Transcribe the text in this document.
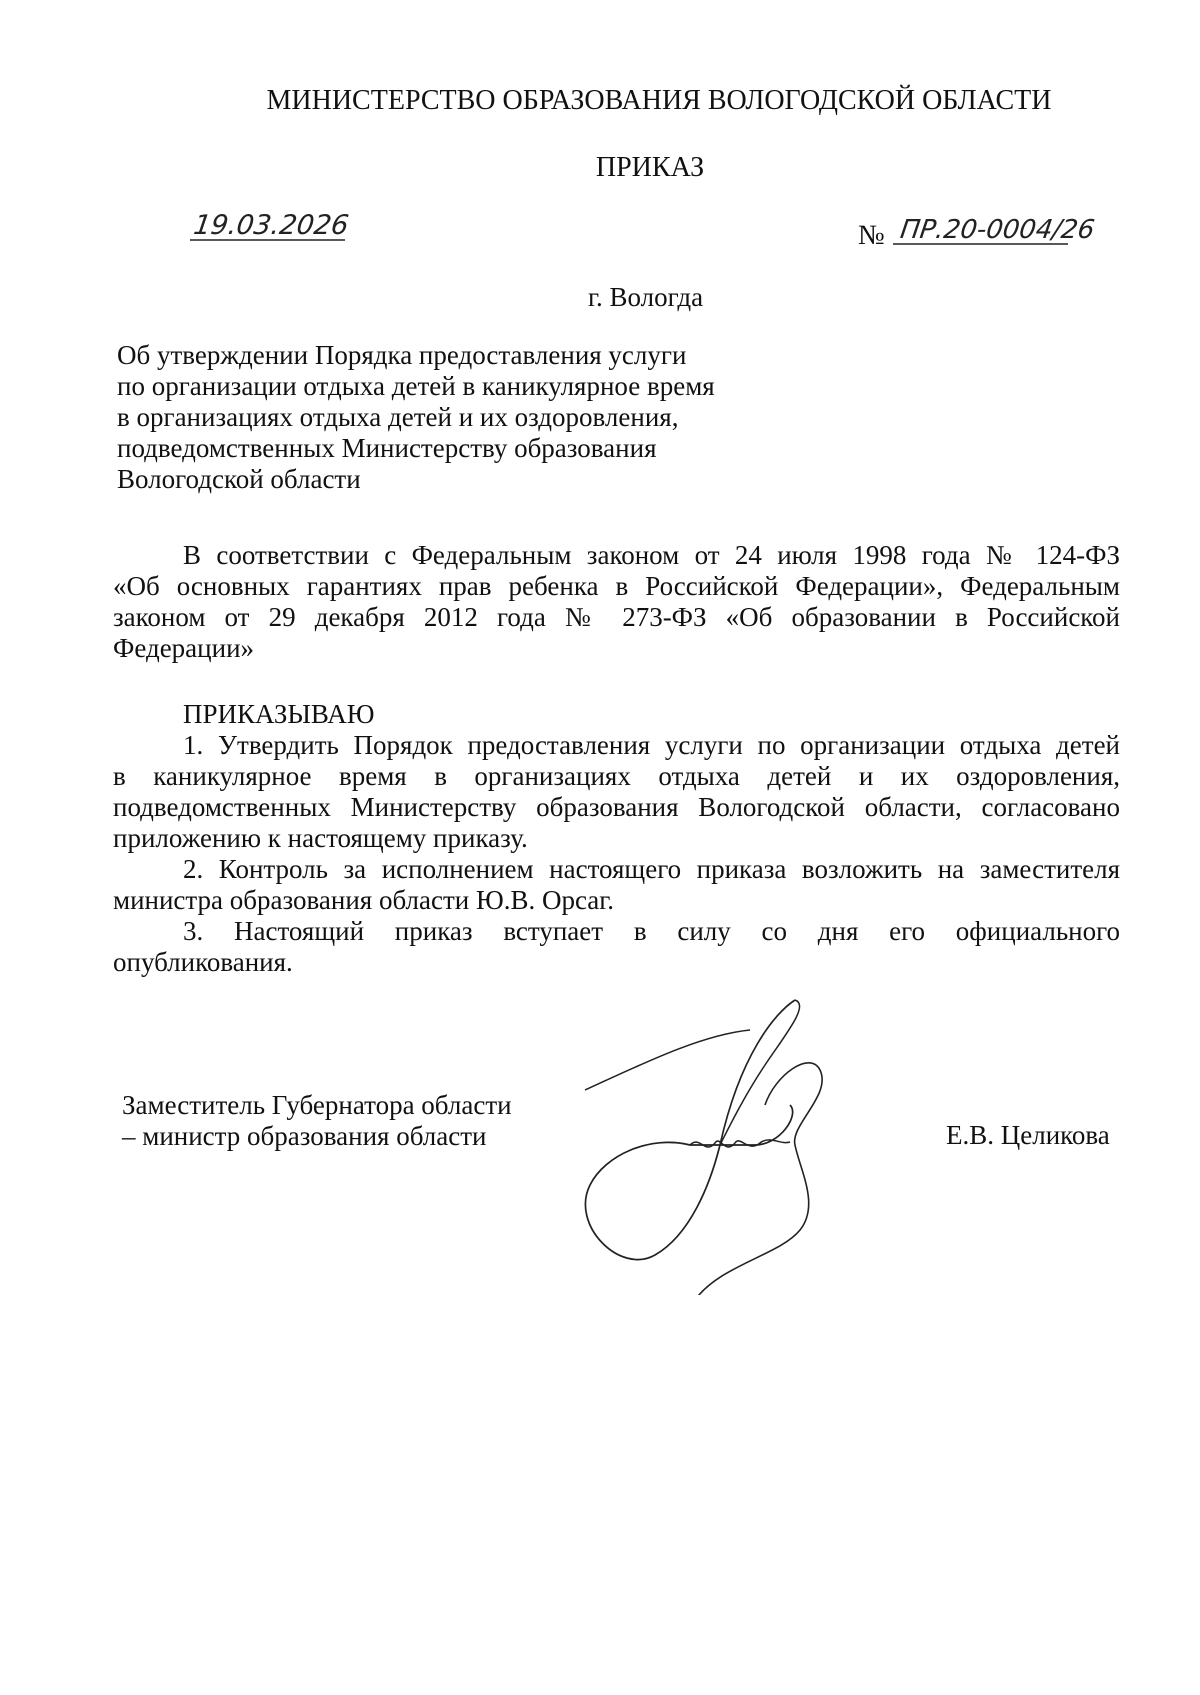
МИНИСТЕРСТВО ОБРАЗОВАНИЯ ВОЛОГОДСКОЙ ОБЛАСТИ
ПРИКАЗ
19.03.2026	№ ПР.20-0004/26
г. Вологда
Об утверждении Порядка предоставления услуги
по организации отдыха детей в каникулярное время
в организациях отдыха детей и их оздоровления,
подведомственных Министерству образования
Вологодской области
В соответствии с Федеральным законом от 24 июля 1998 года № 124-ФЗ
«Об основных гарантиях прав ребенка в Российской Федерации», Федеральным
законом от 29 декабря 2012 года № 273-ФЗ «Об образовании в Российской
Федерации»
ПРИКАЗЫВАЮ
1. Утвердить Порядок предоставления услуги по организации отдыха детей
в каникулярное время в организациях отдыха детей и их оздоровления,
подведомственных Министерству образования Вологодской области, согласовано
приложению к настоящему приказу.
2. Контроль за исполнением настоящего приказа возложить на заместителя
министра образования области Ю.В. Орсаг.
3. Настоящий приказ вступает в силу со дня его официального
опубликования.
Заместитель Губернатора области
– министр образования области	Е.В. Целикова
